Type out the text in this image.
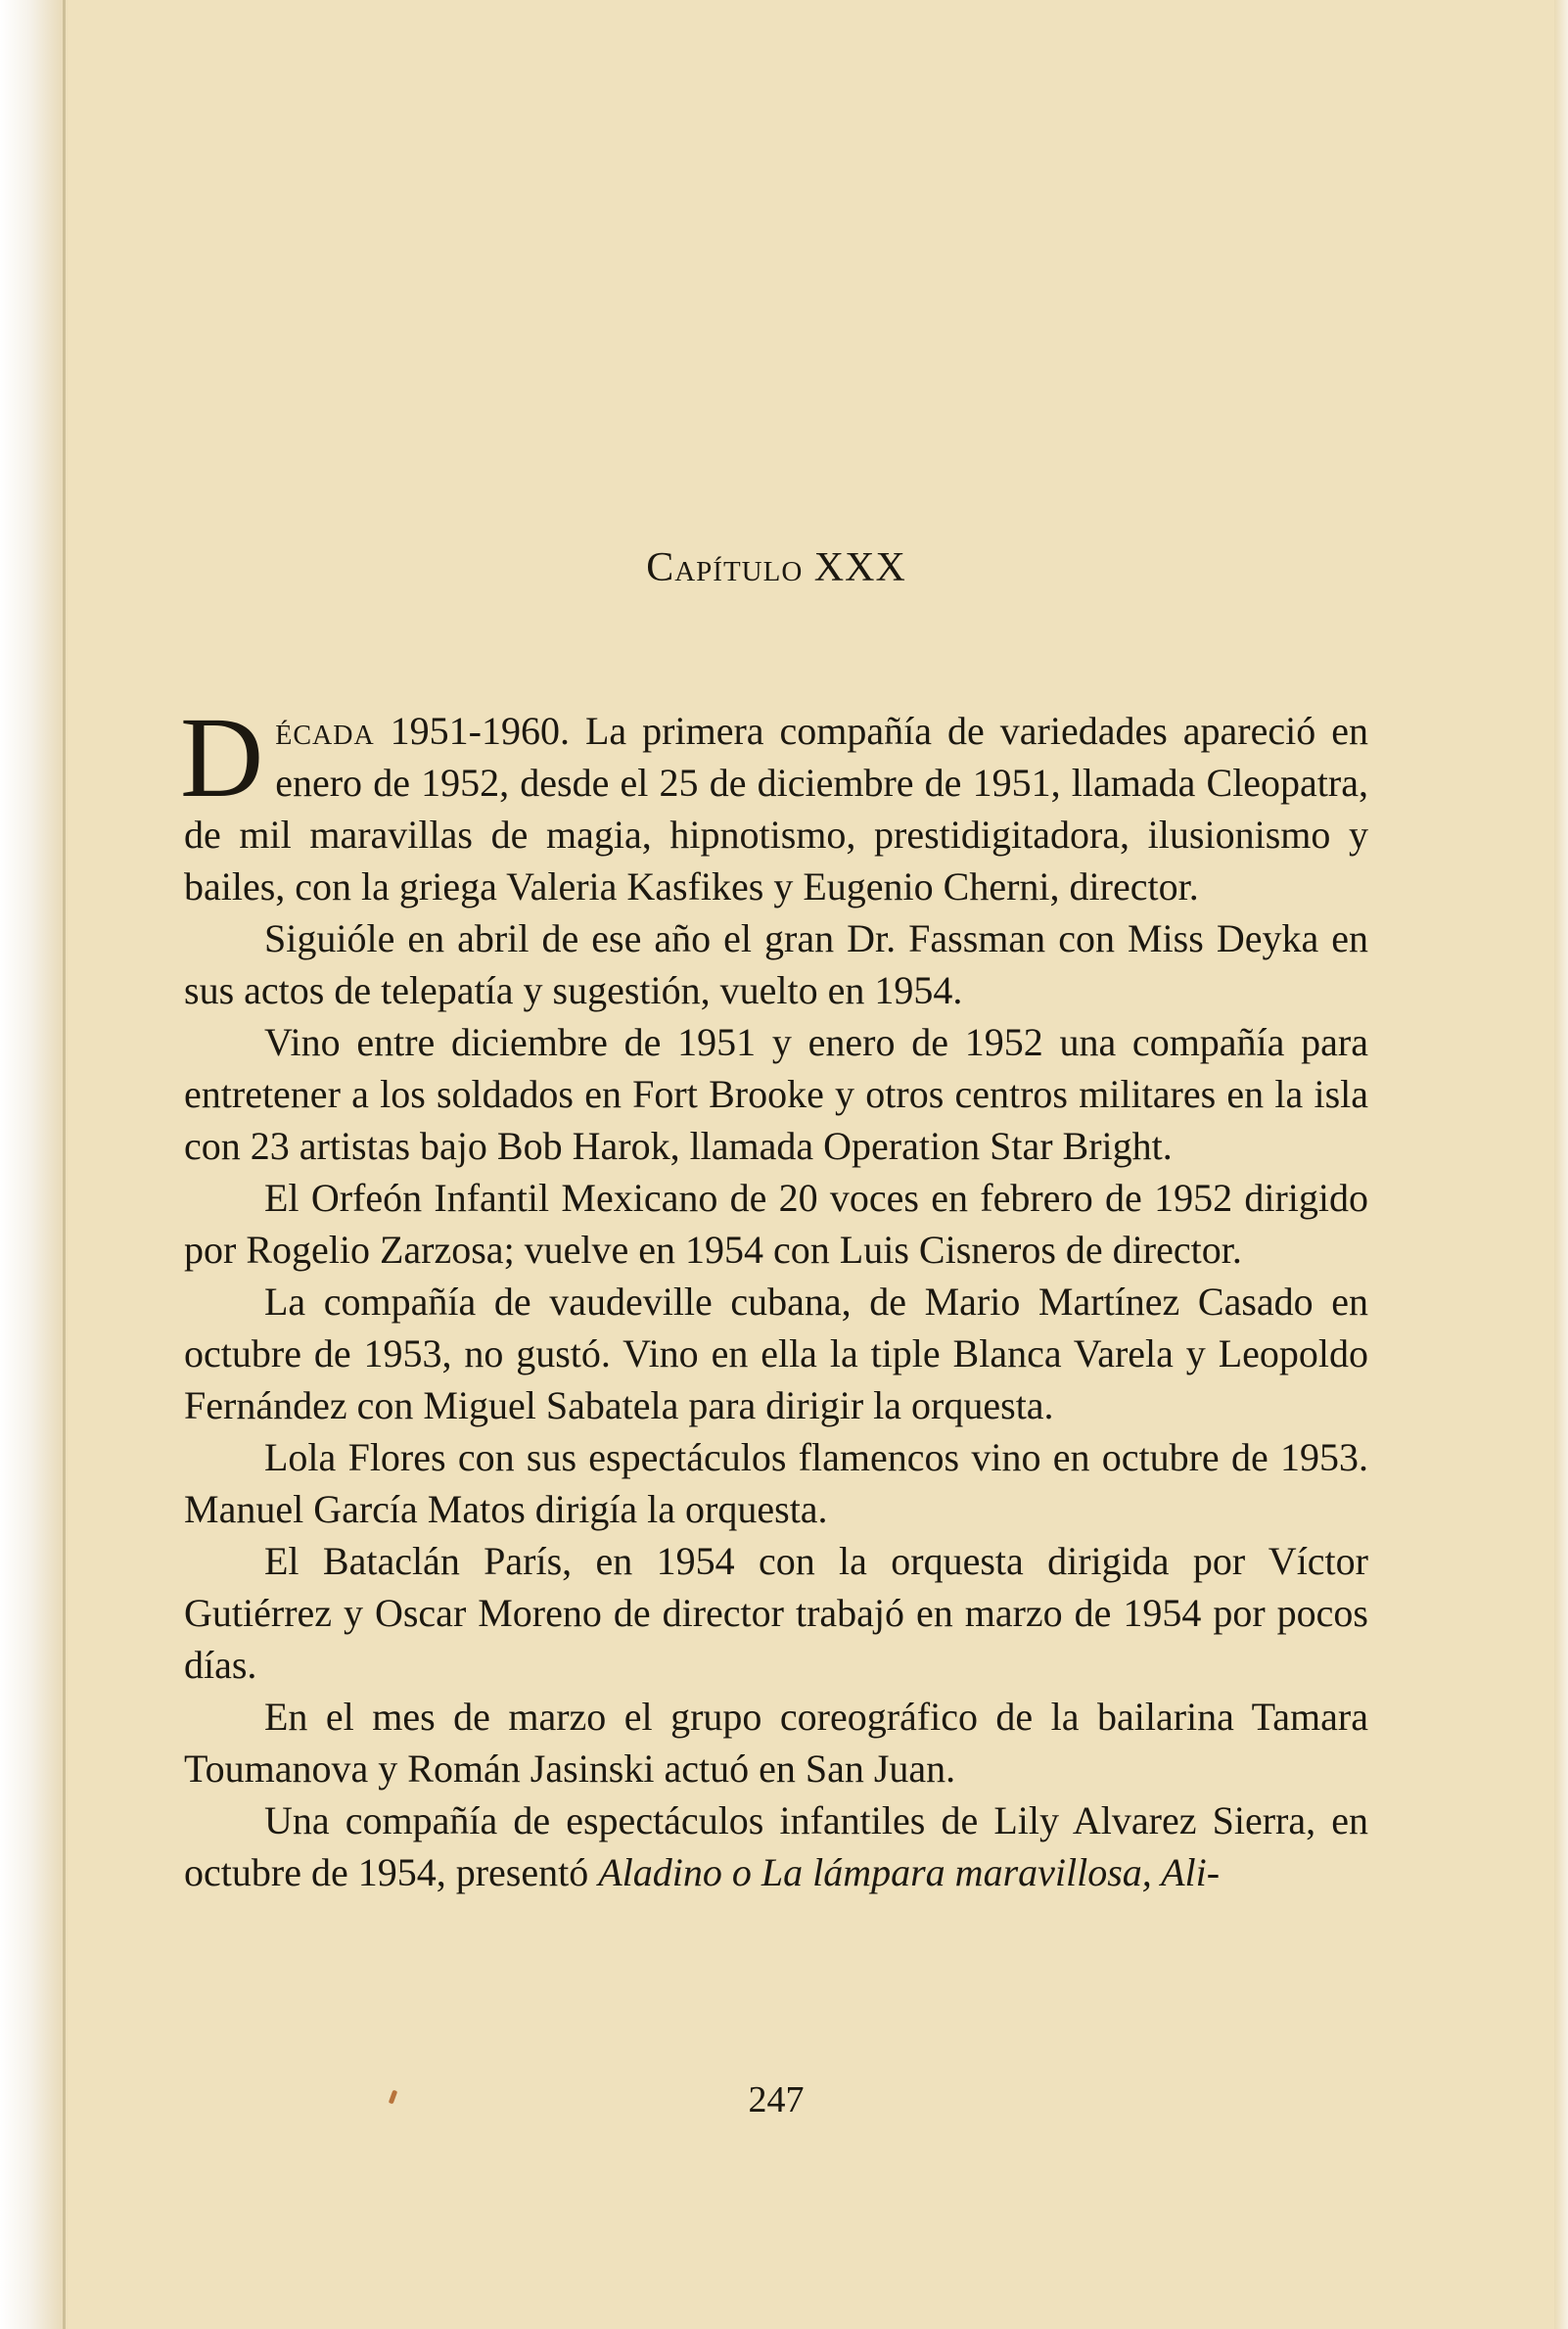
Capítulo XXX

Década 1951-1960. La primera compañía de variedades apareció en enero de 1952, desde el 25 de diciembre de 1951, llamada Cleopatra, de mil maravillas de magia, hipnotismo, prestidigitadora, ilusionismo y bailes, con la griega Valeria Kasfikes y Eugenio Cherni, director.

Siguióle en abril de ese año el gran Dr. Fassman con Miss Deyka en sus actos de telepatía y sugestión, vuelto en 1954.

Vino entre diciembre de 1951 y enero de 1952 una compañía para entretener a los soldados en Fort Brooke y otros centros militares en la isla con 23 artistas bajo Bob Harok, llamada Operation Star Bright.

El Orfeón Infantil Mexicano de 20 voces en febrero de 1952 dirigido por Rogelio Zarzosa; vuelve en 1954 con Luis Cisneros de director.

La compañía de vaudeville cubana, de Mario Martínez Casado en octubre de 1953, no gustó. Vino en ella la tiple Blanca Varela y Leopoldo Fernández con Miguel Sabatela para dirigir la orquesta.

Lola Flores con sus espectáculos flamencos vino en octubre de 1953. Manuel García Matos dirigía la orquesta.

El Bataclán París, en 1954 con la orquesta dirigida por Víctor Gutiérrez y Oscar Moreno de director trabajó en marzo de 1954 por pocos días.

En el mes de marzo el grupo coreográfico de la bailarina Tamara Toumanova y Román Jasinski actuó en San Juan.

Una compañía de espectáculos infantiles de Lily Alvarez Sierra, en octubre de 1954, presentó Aladino o La lámpara maravillosa, Ali-

247
